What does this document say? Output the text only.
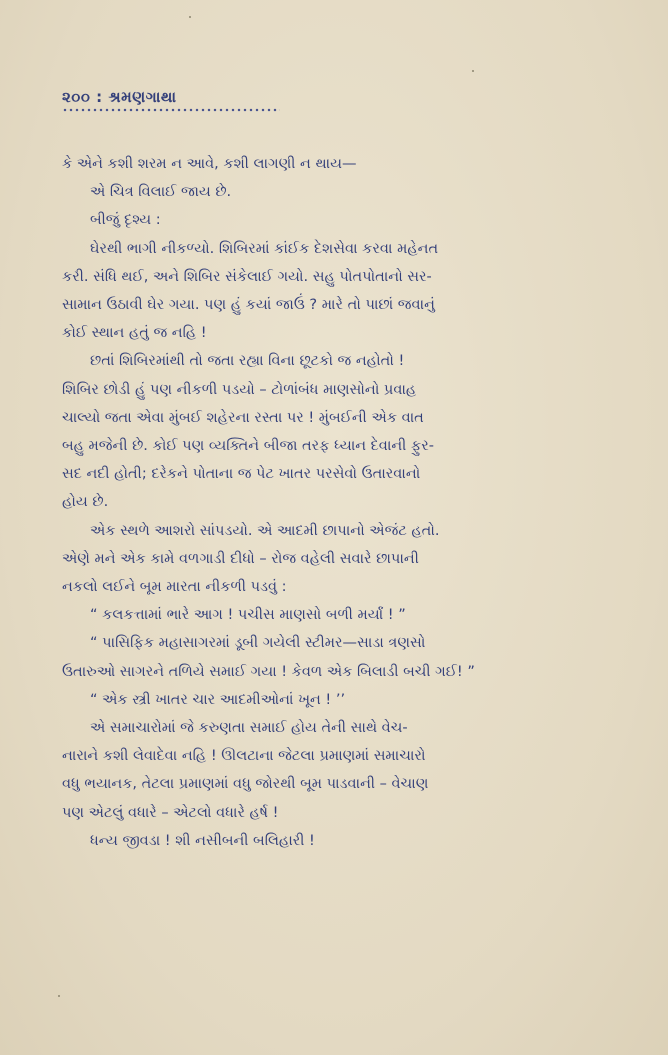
૨૦૦ : શ્રમણગાથા
કે એને કશી શરમ ન આવે, કશી લાગણી ન થાય—
એ ચિત્ર વિલાઈ જાય છે.
બીજું દૃશ્ય :
ઘેરથી ભાગી નીકળ્યો. શિબિરમાં કાંઈક દેશસેવા કરવા મહેનત
કરી. સંધિ થઈ, અને શિબિર સંકેલાઈ ગયો. સહુ પોતપોતાનો સર-
સામાન ઉઠાવી ઘેર ગયા. પણ હું કયાં જાઉં ? મારે તો પાછાં જવાનું
કોઈ સ્થાન હતું જ નહિ !
છતાં શિબિરમાંથી તો જતા રહ્યા વિના છૂટકો જ નહોતો !
શિબિર છોડી હું પણ નીકળી પડયો – ટોળાંબંધ માણસોનો પ્રવાહ
ચાલ્યો જતા એવા મુંબઈ શહેરના રસ્તા પર ! મુંબઈની એક વાત
બહુ મજેની છે. કોઈ પણ વ્યક્તિને બીજા તરફ ધ્યાન દેવાની ફુર-
સદ નદી હોતી; દરેકને પોતાના જ પેટ ખાતર પરસેવો ઉતારવાનો
હોય છે.
એક સ્થળે આશરો સાંપડયો. એ આદમી છાપાનો એજંટ હતો.
એણે મને એક કામે વળગાડી દીધો – રોજ વહેલી સવારે છાપાની
નકલો લઈને બૂમ મારતા નીકળી પડવું :
“ કલકત્તામાં ભારે આગ ! પચીસ માણસો બળી મર્યાં ! ”
“ પાસિફિક મહાસાગરમાં ડૂબી ગયેલી સ્ટીમર—સાડા ત્રણસો
ઉતારુઓ સાગરને તળિયે સમાઈ ગયા ! કેવળ એક બિલાડી બચી ગઈ! ”
“ એક સ્ત્રી ખાતર ચાર આદમીઓનાં ખૂન ! ’’
એ સમાચારોમાં જે કરુણતા સમાઈ હોય તેની સાથે વેચ-
નારાને કશી લેવાદેવા નહિ ! ઊલટાના જેટલા પ્રમાણમાં સમાચારો
વધુ ભયાનક, તેટલા પ્રમાણમાં વધુ જોરથી બૂમ પાડવાની – વેચાણ
પણ એટલું વધારે – એટલો વધારે હર્ષ !
ધન્ય જીવડા ! શી નસીબની બલિહારી !
